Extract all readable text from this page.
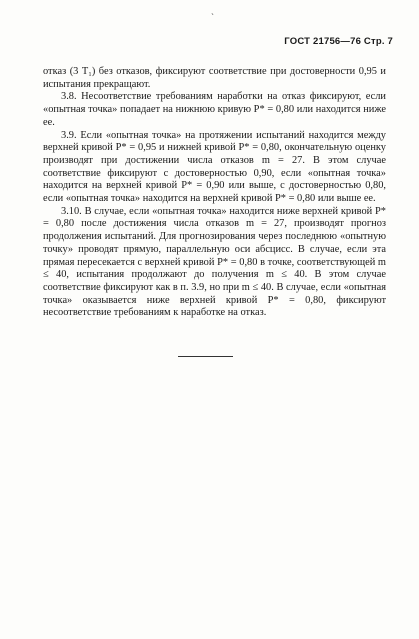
`
ГОСТ 21756—76 Стр. 7

отказ (3 T₁) без отказов, фиксируют соответствие при достоверности 0,95 и испытания прекращают.

3.8. Несоответствие требованиям наработки на отказ фиксируют, если «опытная точка» попадает на нижнюю кривую P* = 0,80 или находится ниже ее.

3.9. Если «опытная точка» на протяжении испытаний находится между верхней кривой P* = 0,95 и нижней кривой P* = 0,80, окончательную оценку производят при достижении числа отказов m = 27. В этом случае соответствие фиксируют с достоверностью 0,90, если «опытная точка» находится на верхней кривой P* = 0,90 или выше, с достоверностью 0,80, если «опытная точка» находится на верхней кривой P* = 0,80 или выше ее.

3.10. В случае, если «опытная точка» находится ниже верхней кривой P* = 0,80 после достижения числа отказов m = 27, производят прогноз продолжения испытаний. Для прогнозирования через последнюю «опытную точку» проводят прямую, параллельную оси абсцисс. В случае, если эта прямая пересекается с верхней кривой P* = 0,80 в точке, соответствующей m ≤ 40, испытания продолжают до получения m ≤ 40. В этом случае соответствие фиксируют как в п. 3.9, но при m ≤ 40. В случае, если «опытная точка» оказывается ниже верхней кривой P* = 0,80, фиксируют несоответствие требованиям к наработке на отказ.
